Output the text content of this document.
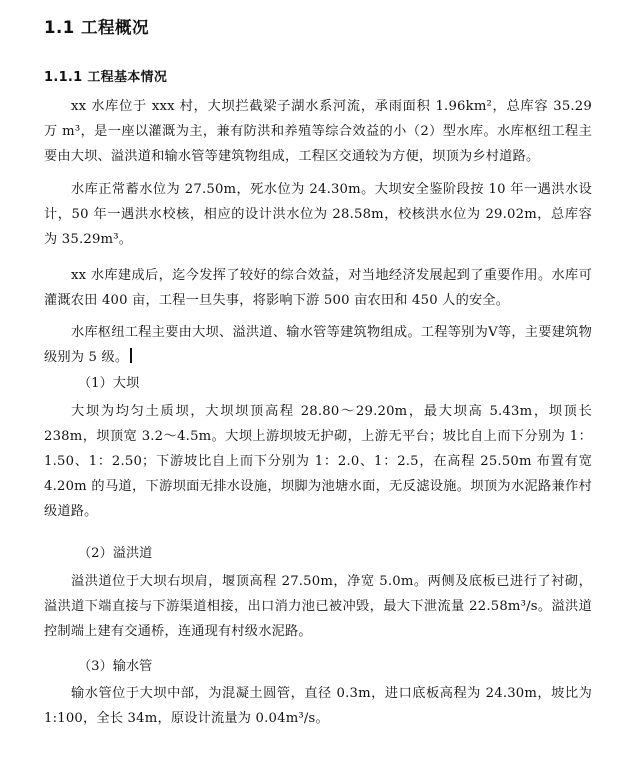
1.1 工程概况
1.1.1 工程基本情况
xx 水库位于 xxx 村，大坝拦截梁子湖水系河流，承雨面积 1.96km²，总库容 35.29 万 m³，是一座以灌溉为主，兼有防洪和养殖等综合效益的小（2）型水库。水库枢纽工程主要由大坝、溢洪道和输水管等建筑物组成，工程区交通较为方便，坝顶为乡村道路。
水库正常蓄水位为 27.50m，死水位为 24.30m。大坝安全鉴阶段按 10 年一遇洪水设计，50 年一遇洪水校核，相应的设计洪水位为 28.58m，校核洪水位为 29.02m，总库容为 35.29m³。
xx 水库建成后，迄今发挥了较好的综合效益，对当地经济发展起到了重要作用。水库可灌溉农田 400 亩，工程一旦失事，将影响下游 500 亩农田和 450 人的安全。
水库枢纽工程主要由大坝、溢洪道、输水管等建筑物组成。工程等别为Ⅴ等，主要建筑物级别为 5 级。
（1）大坝
大坝为均匀土质坝，大坝坝顶高程 28.80～29.20m，最大坝高 5.43m，坝顶长 238m，坝顶宽 3.2～4.5m。大坝上游坝坡无护砌，上游无平台；坡比自上而下分别为 1：1.50、1：2.50；下游坡比自上而下分别为 1：2.0、1：2.5，在高程 25.50m 布置有宽 4.20m 的马道，下游坝面无排水设施，坝脚为池塘水面，无反滤设施。坝顶为水泥路兼作村级道路。
（2）溢洪道
溢洪道位于大坝右坝肩，堰顶高程 27.50m，净宽 5.0m。两侧及底板已进行了衬砌，溢洪道下端直接与下游渠道相接，出口消力池已被冲毁，最大下泄流量 22.58m³/s。溢洪道控制端上建有交通桥，连通现有村级水泥路。
（3）输水管
输水管位于大坝中部，为混凝土圆管，直径 0.3m，进口底板高程为 24.30m，坡比为 1:100，全长 34m，原设计流量为 0.04m³/s。
